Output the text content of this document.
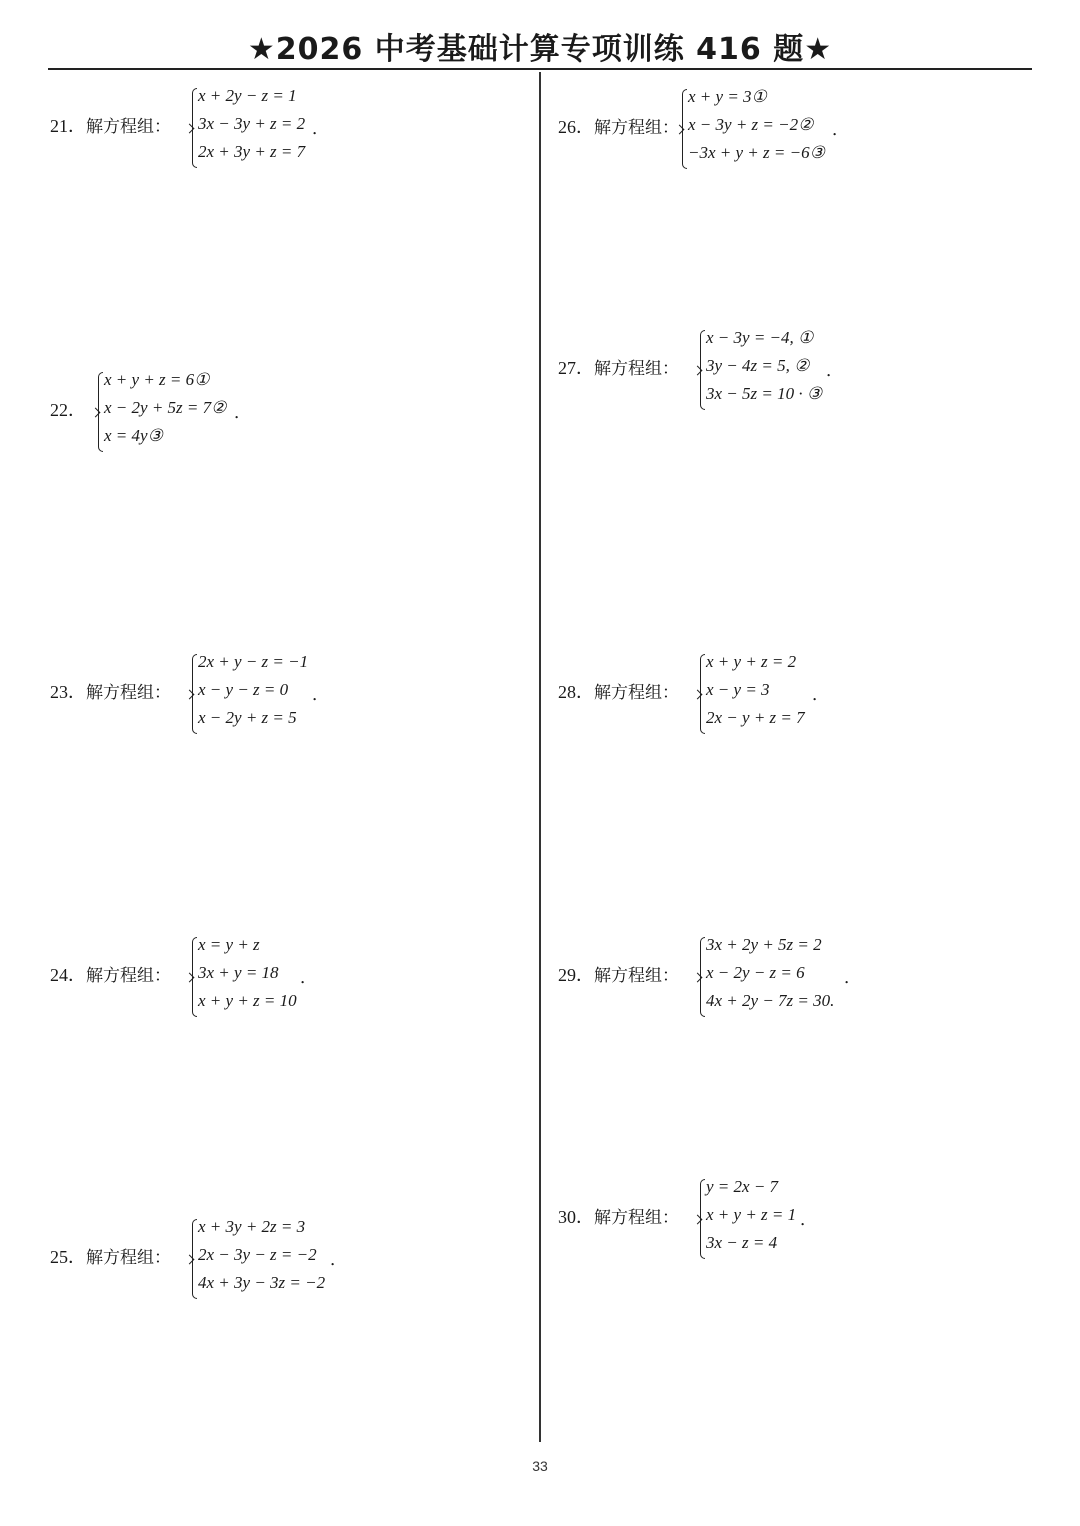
★2026 中考基础计算专项训练 416 题★
21．解方程组：
x + 2y − z = 1
3x − 3y + z = 2
2x + 3y + z = 7
．
22．
x + y + z = 6①
x − 2y + 5z = 7②
x = 4y③
．
23．解方程组：
2x + y − z = −1
x − y − z = 0
x − 2y + z = 5
．
24．解方程组：
x = y + z
3x + y = 18
x + y + z = 10
．
25．解方程组：
x + 3y + 2z = 3
2x − 3y − z = −2
4x + 3y − 3z = −2
．
26．解方程组：
x + y = 3①
x − 3y + z = −2②
−3x + y + z = −6③
．
27．解方程组：
x − 3y = −4, ①
3y − 4z = 5, ②
3x − 5z = 10 · ③
．
28．解方程组：
x + y + z = 2
x − y = 3
2x − y + z = 7
．
29．解方程组：
3x + 2y + 5z = 2
x − 2y − z = 6
4x + 2y − 7z = 30.
．
30．解方程组：
y = 2x − 7
x + y + z = 1
3x − z = 4
．
33
